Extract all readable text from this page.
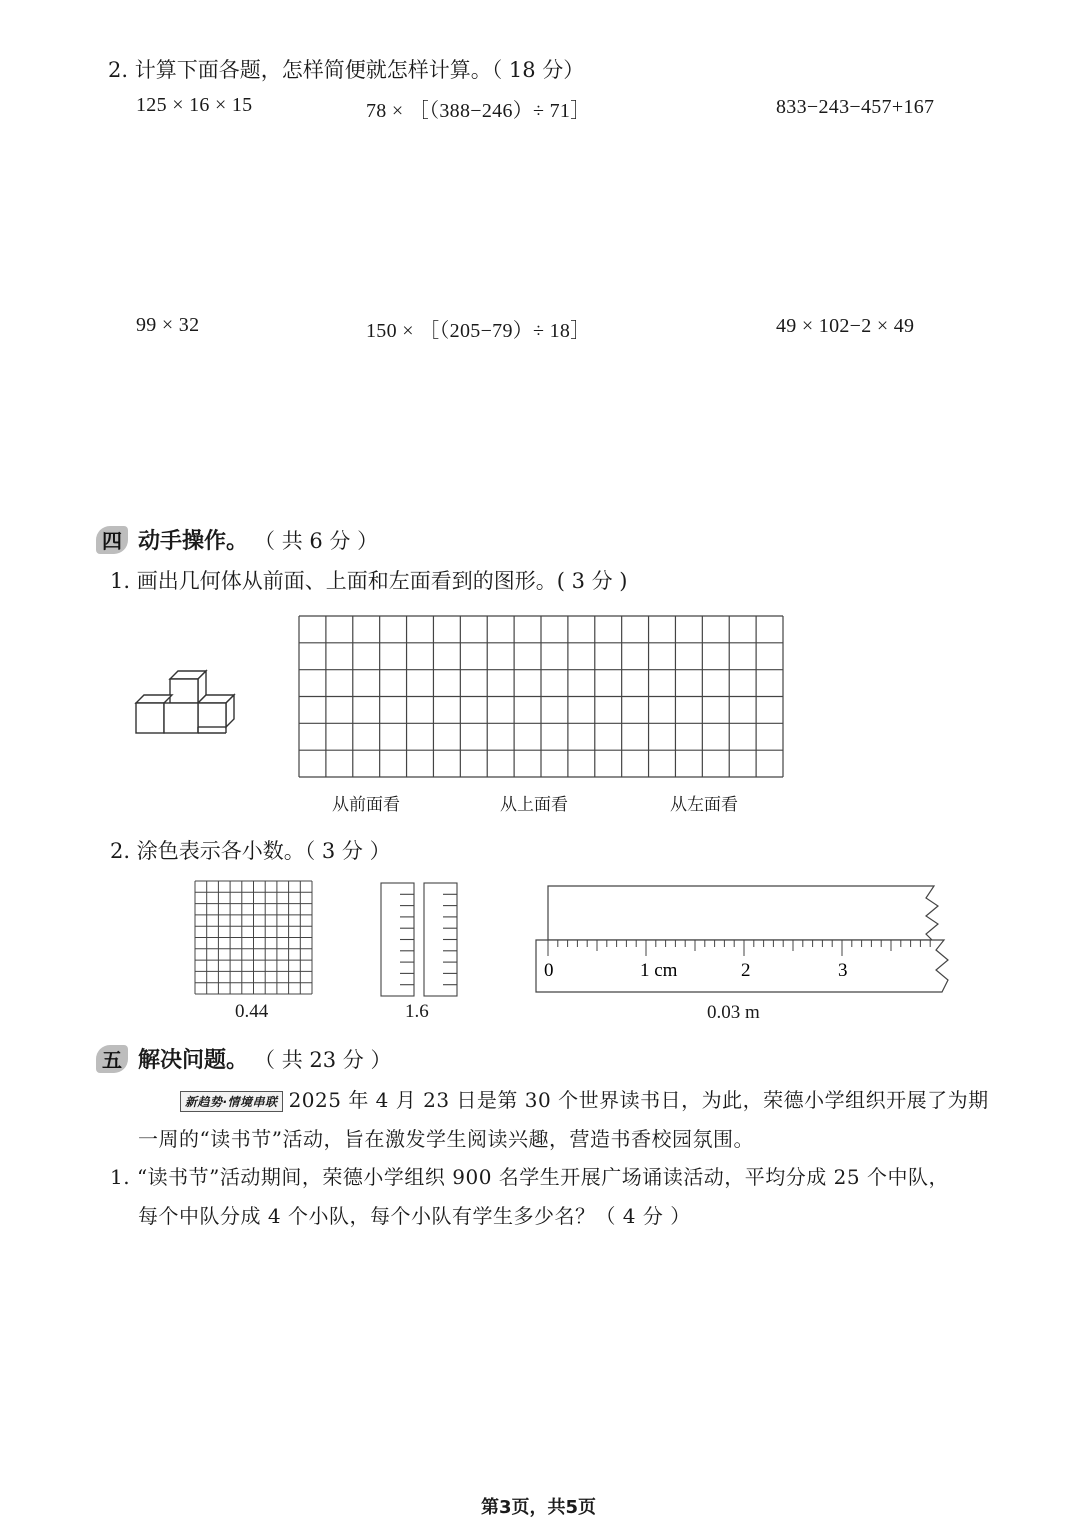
2. 计算下面各题，怎样简便就怎样计算。（ 18 分）
125 × 16 × 15	78 × ［（388−246）÷ 71］	833−243−457+167
99 × 32	150 × ［（205−79）÷ 18］	49 × 102−2 × 49
四 动手操作。 （ 共 6 分 ）
1. 画出几何体从前面、上面和左面看到的图形。( 3 分 )
从前面看	从上面看	从左面看
2. 涂色表示各小数。（ 3 分 ）
0.44	1.6
0	1 cm	2	3
0.03 m
五 解决问题。 （ 共 23 分 ）
新趋势·情境串联 2025 年 4 月 23 日是第 30 个世界读书日，为此，荣德小学组织开展了为期
一周的“读书节”活动，旨在激发学生阅读兴趣，营造书香校园氛围。
1. “读书节”活动期间，荣德小学组织 900 名学生开展广场诵读活动，平均分成 25 个中队，
每个中队分成 4 个小队，每个小队有学生多少名？（ 4 分 ）
第3页，共5页
